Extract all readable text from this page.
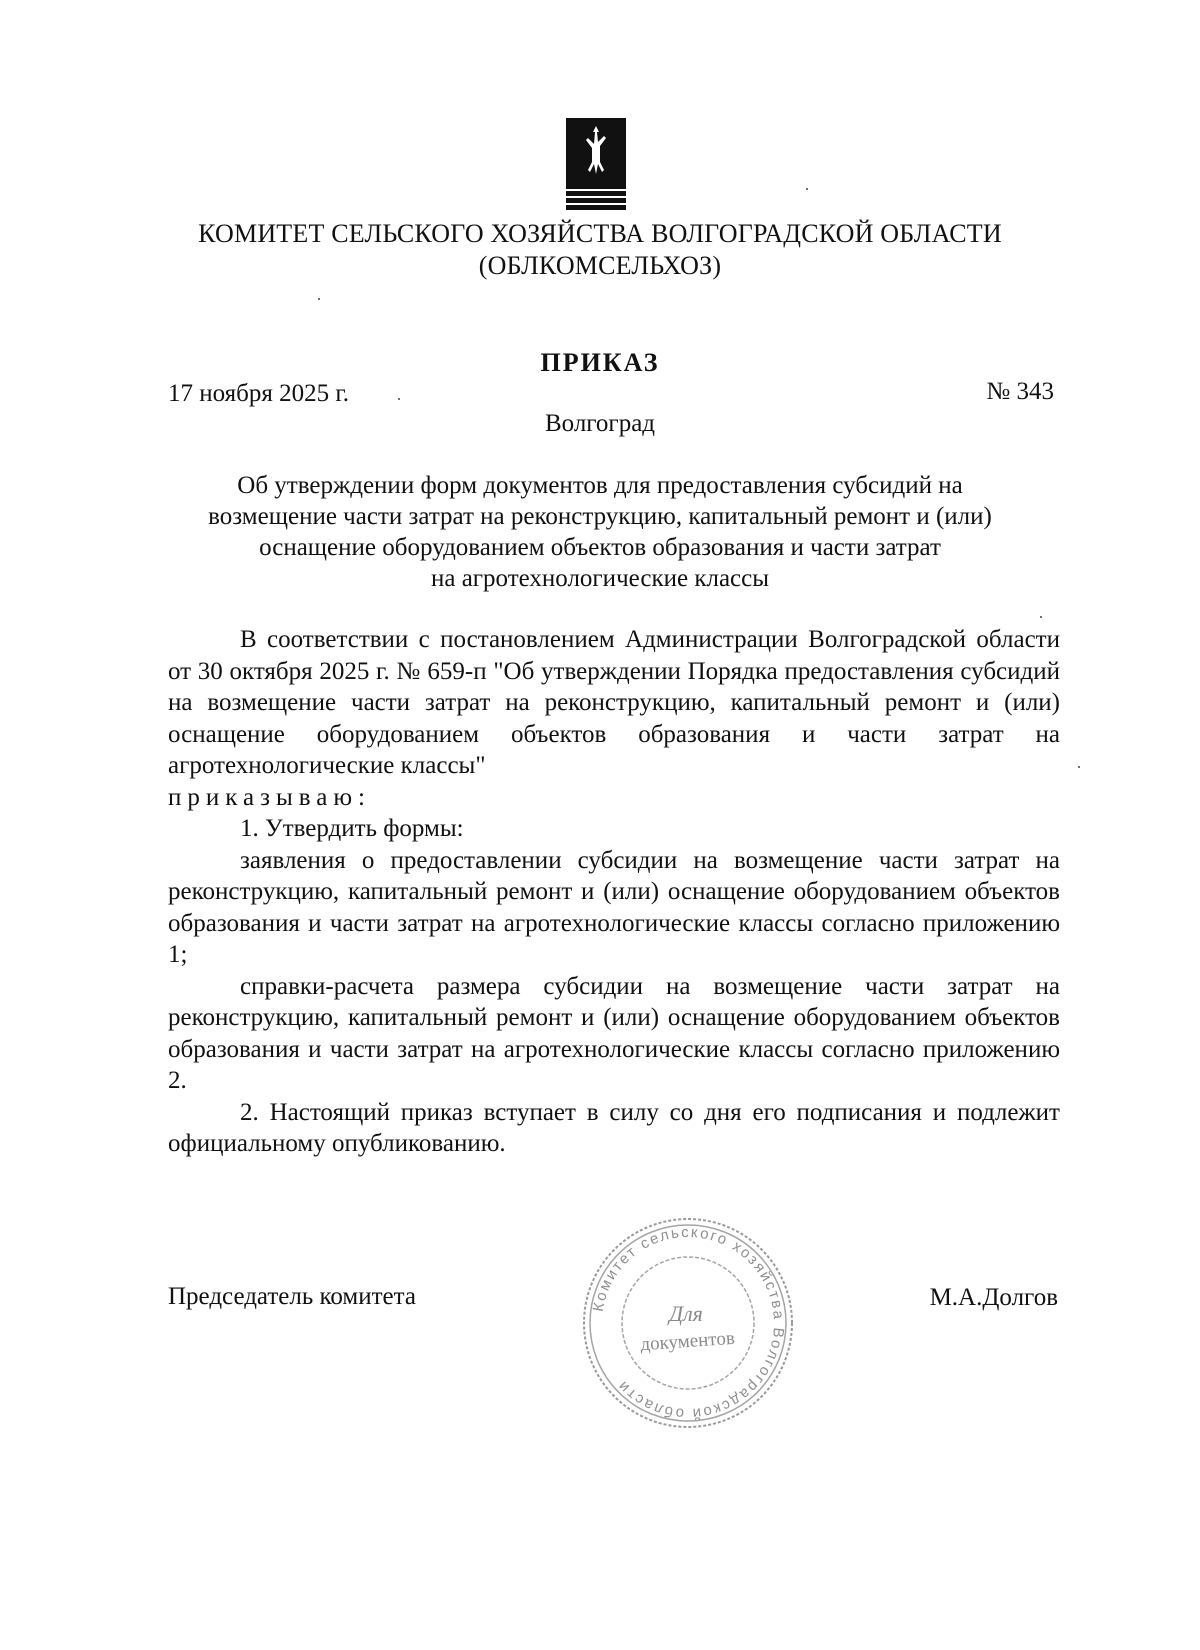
КОМИТЕТ СЕЛЬСКОГО ХОЗЯЙСТВА ВОЛГОГРАДСКОЙ ОБЛАСТИ
(ОБЛКОМСЕЛЬХОЗ)
ПРИКАЗ
17 ноября 2025 г.	№ 343
Волгоград
Об утверждении форм документов для предоставления субсидий на
возмещение части затрат на реконструкцию, капитальный ремонт и (или)
оснащение оборудованием объектов образования и части затрат
на агротехнологические классы

В соответствии с постановлением Администрации Волгоградской области от 30 октября 2025 г. № 659-п "Об утверждении Порядка предоставления субсидий на возмещение части затрат на реконструкцию, капитальный ремонт и (или) оснащение оборудованием объектов образования и части затрат на агротехнологические классы"

приказываю:

1. Утвердить формы:

заявления о предоставлении субсидии на возмещение части затрат на реконструкцию, капитальный ремонт и (или) оснащение оборудованием объектов образования и части затрат на агротехнологические классы согласно приложению 1;

справки-расчета размера субсидии на возмещение части затрат на реконструкцию, капитальный ремонт и (или) оснащение оборудованием объектов образования и части затрат на агротехнологические классы согласно приложению 2.

2. Настоящий приказ вступает в силу со дня его подписания и подлежит официальному опубликованию.

Председатель комитета	М.А.Долгов
Комитет сельского хозяйства Волгоградской области
Для
документов
